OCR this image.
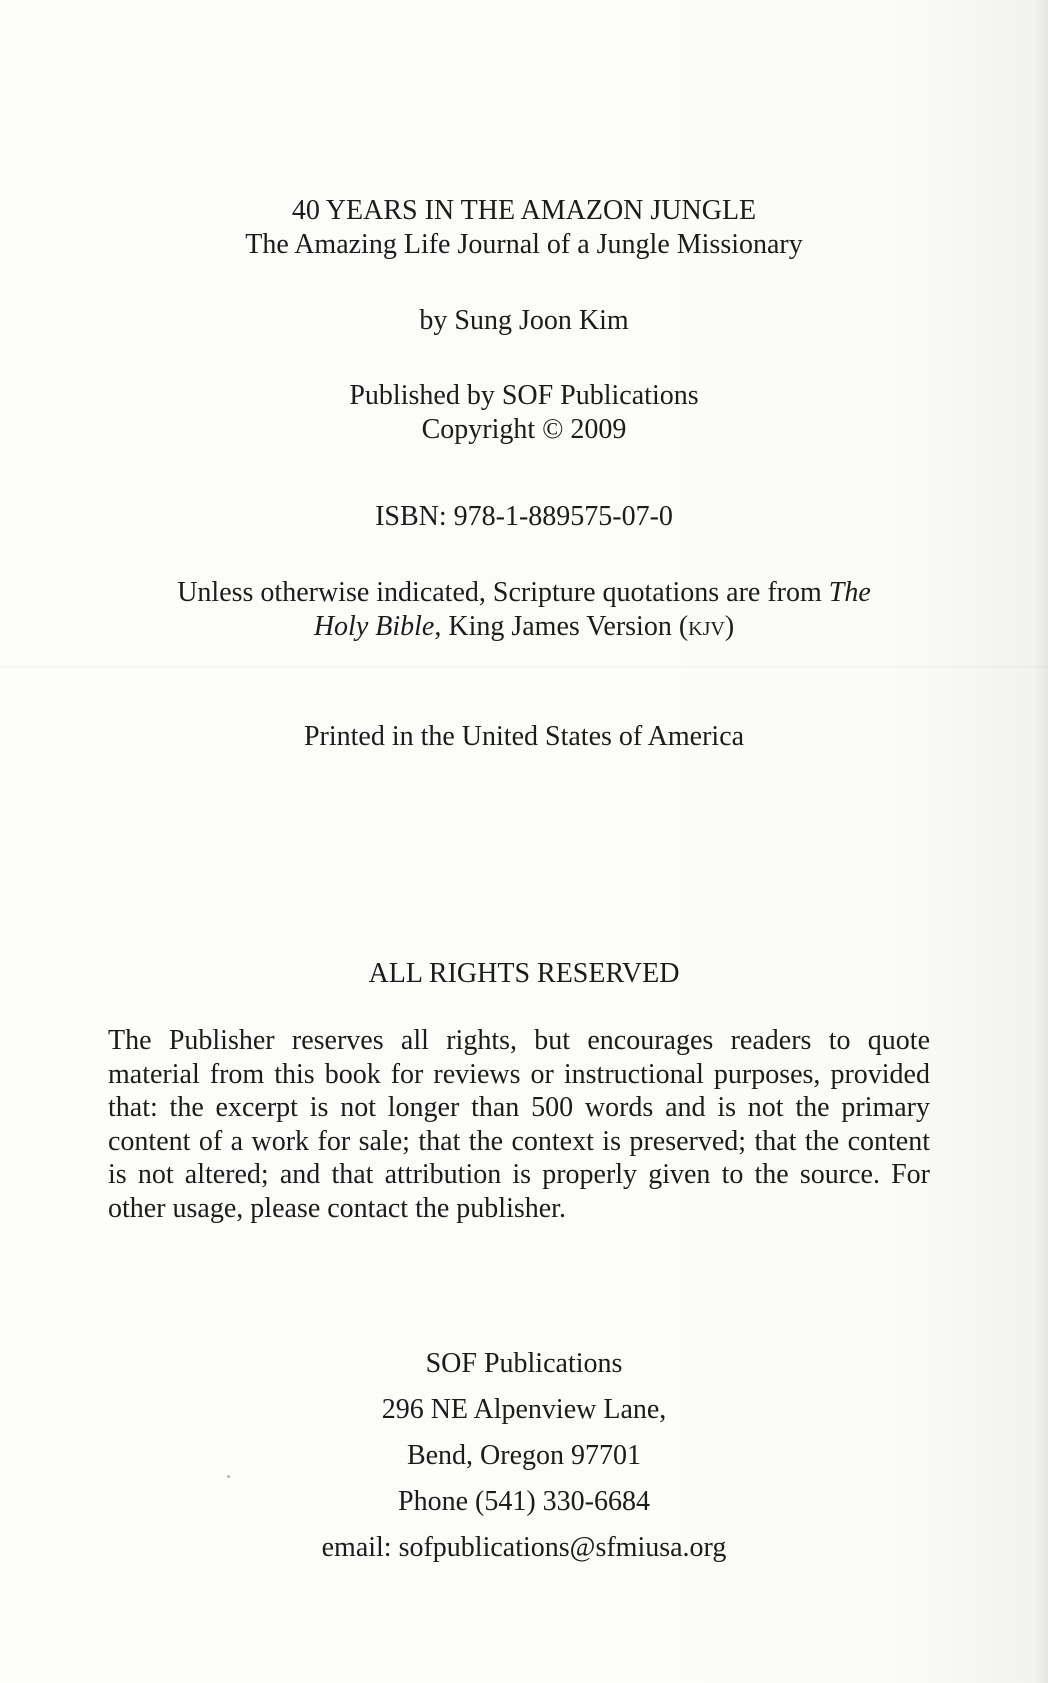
40 YEARS IN THE AMAZON JUNGLE
The Amazing Life Journal of a Jungle Missionary
by Sung Joon Kim
Published by SOF Publications
Copyright © 2009
ISBN: 978-1-889575-07-0
Unless otherwise indicated, Scripture quotations are from The
Holy Bible, King James Version (kjv)
Printed in the United States of America
ALL RIGHTS RESERVED
The Publisher reserves all rights, but encourages readers to quote material from this book for reviews or instructional purposes, provided that: the excerpt is not longer than 500 words and is not the primary content of a work for sale; that the context is preserved; that the content is not altered; and that attribution is properly given to the source. For other usage, please contact the publisher.
SOF Publications
296 NE Alpenview Lane,
Bend, Oregon 97701
Phone (541) 330-6684
email: sofpublications@sfmiusa.org
